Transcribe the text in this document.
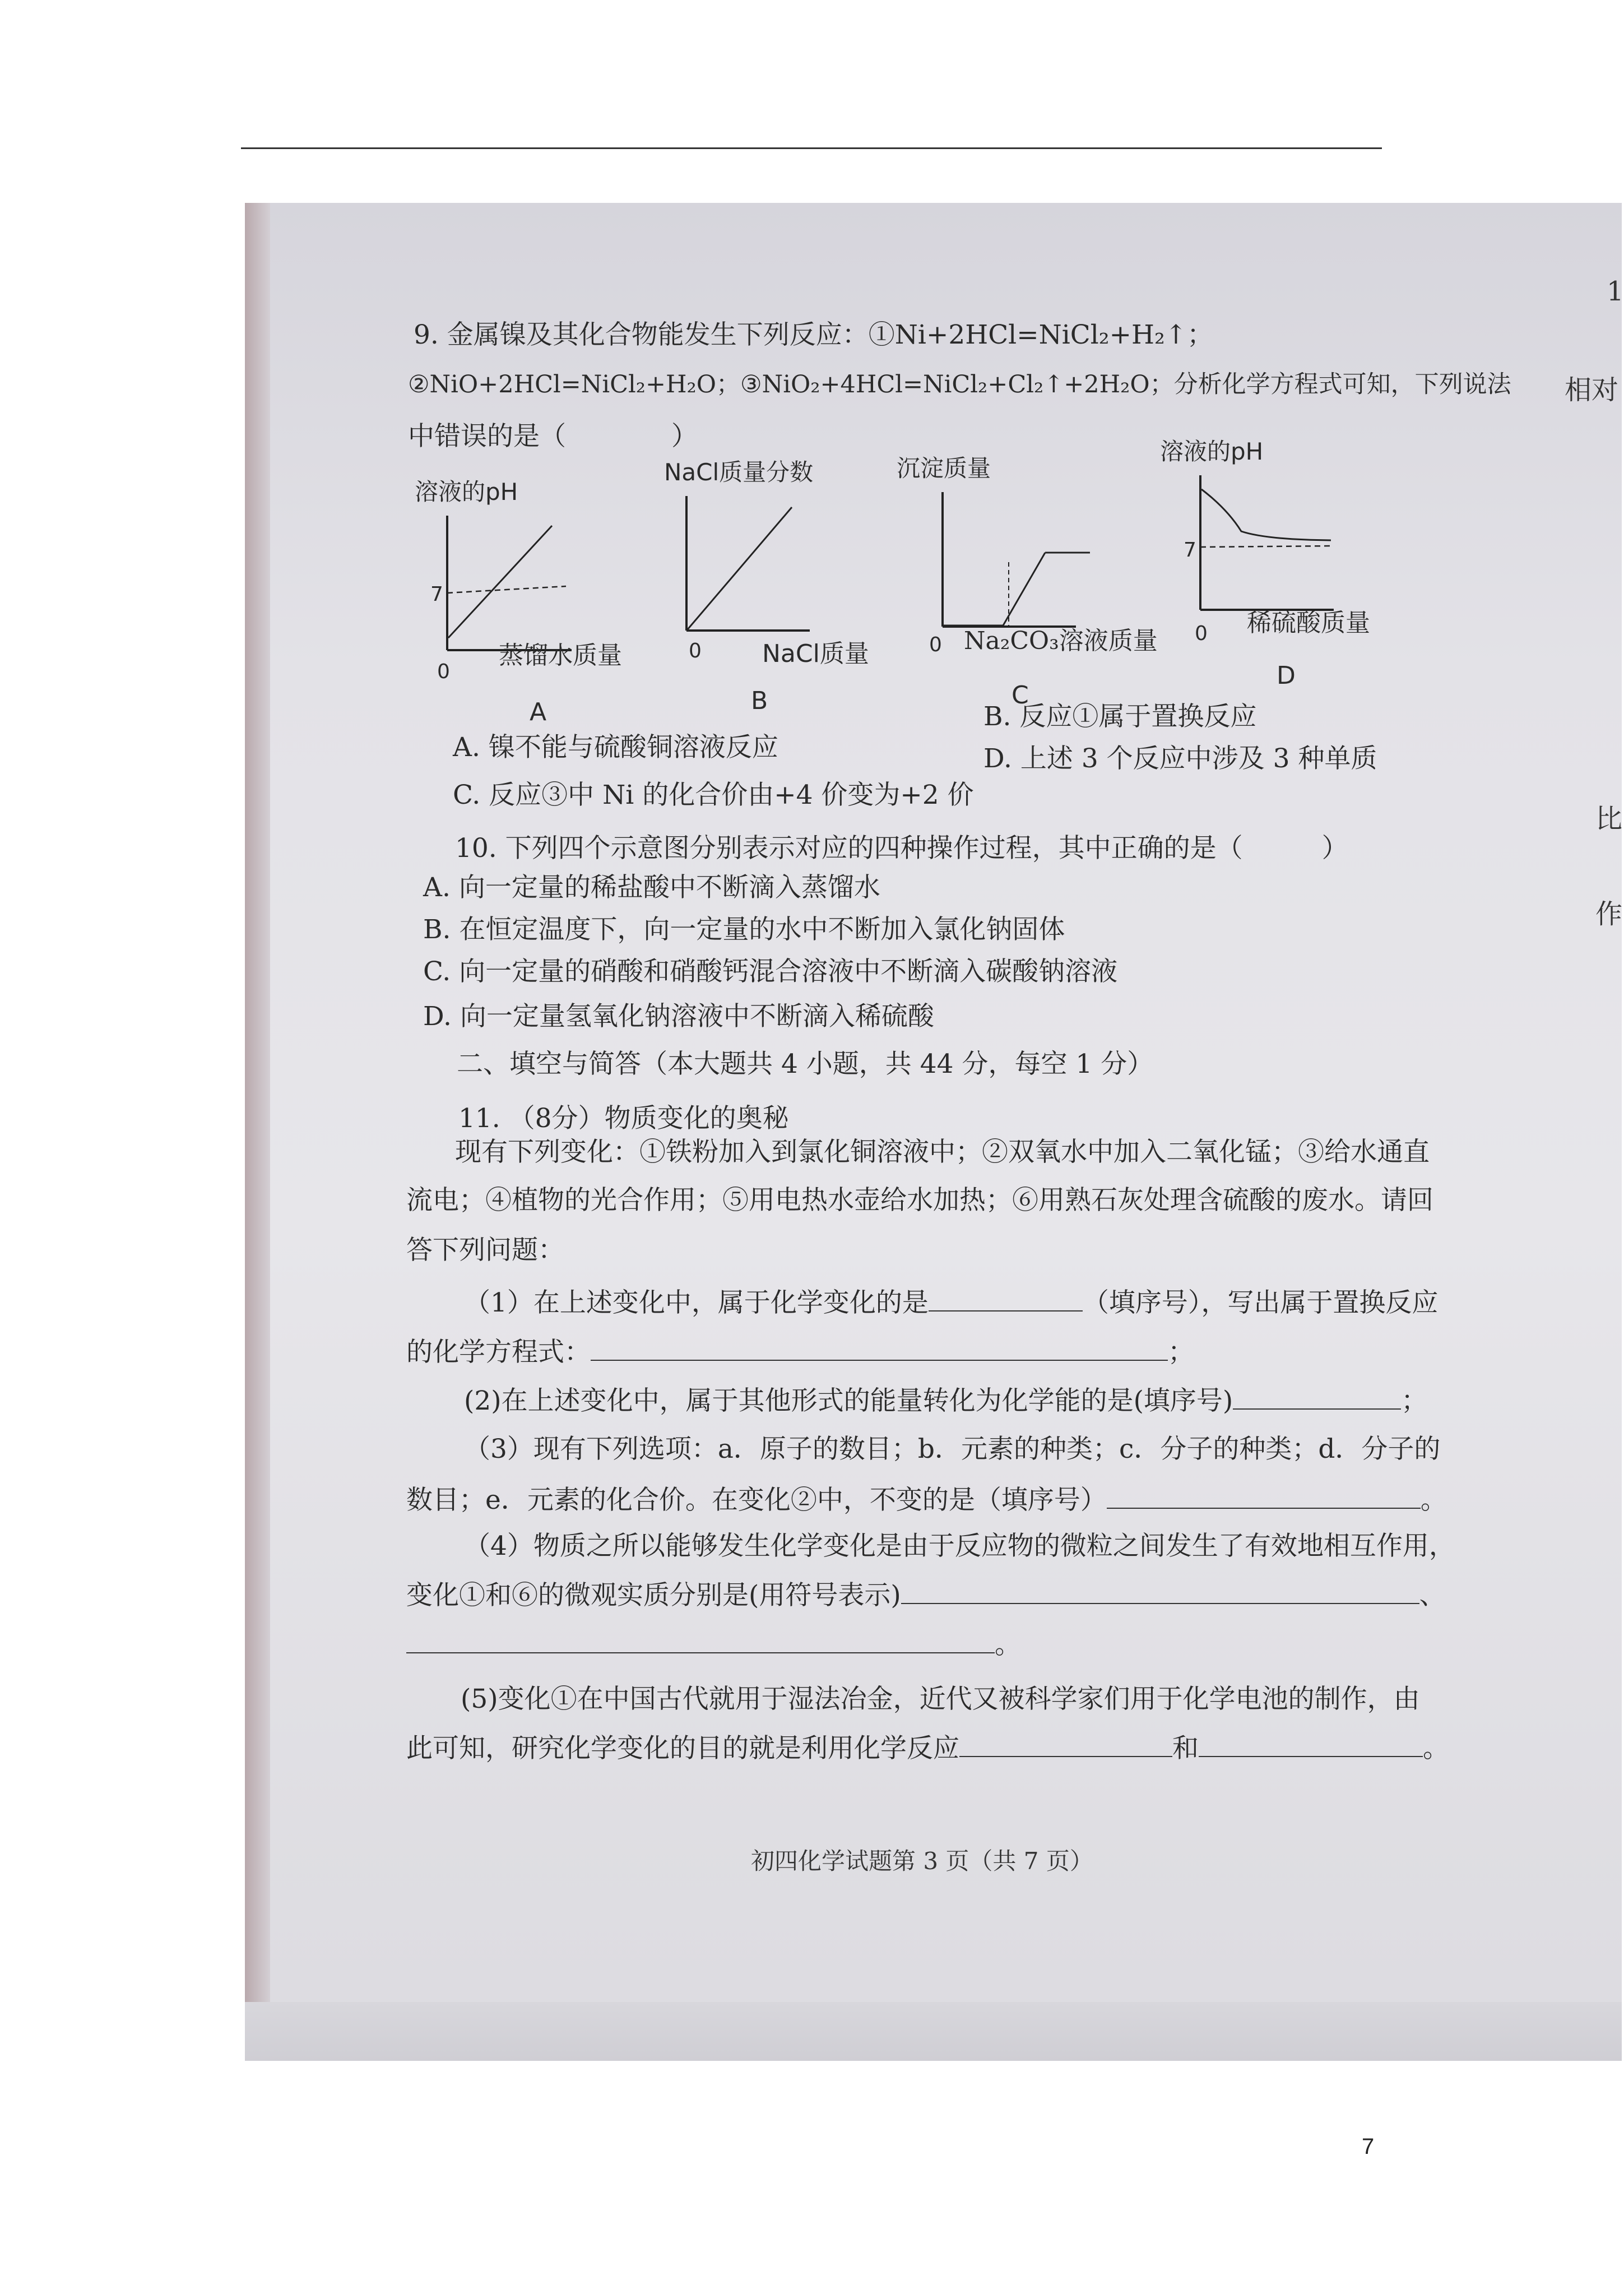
1
相对
比
作
9. 金属镍及其化合物能发生下列反应：①Ni+2HCl=NiCl₂+H₂↑；
②NiO+2HCl=NiCl₂+H₂O；③NiO₂+4HCl=NiCl₂+Cl₂↑+2H₂O；分析化学方程式可知，下列说法
中错误的是（　　　　）
溶液的pH
7
0
蒸馏水质量
A
NaCl质量分数
0 NaCl质量
B
沉淀质量
0 Na₂CO₃溶液质量
C
溶液的pH
7
0 稀硫酸质量
D
A. 镍不能与硫酸铜溶液反应
B. 反应①属于置换反应
C. 反应③中 Ni 的化合价由+4 价变为+2 价
D. 上述 3 个反应中涉及 3 种单质
10. 下列四个示意图分别表示对应的四种操作过程，其中正确的是（　　　）
A. 向一定量的稀盐酸中不断滴入蒸馏水
B. 在恒定温度下，向一定量的水中不断加入氯化钠固体
C. 向一定量的硝酸和硝酸钙混合溶液中不断滴入碳酸钠溶液
D. 向一定量氢氧化钠溶液中不断滴入稀硫酸
二、填空与简答（本大题共 4 小题，共 44 分，每空 1 分）
11. （8分）物质变化的奥秘
现有下列变化：①铁粉加入到氯化铜溶液中；②双氧水中加入二氧化锰；③给水通直
流电；④植物的光合作用；⑤用电热水壶给水加热；⑥用熟石灰处理含硫酸的废水。请回
答下列问题：
（1）在上述变化中，属于化学变化的是	（填序号），写出属于置换反应
的化学方程式：	；
(2)在上述变化中，属于其他形式的能量转化为化学能的是(填序号)	；
（3）现有下列选项：a．原子的数目；b．元素的种类；c．分子的种类；d．分子的
数目；e．元素的化合价。在变化②中，不变的是（填序号）	。
（4）物质之所以能够发生化学变化是由于反应物的微粒之间发生了有效地相互作用，
变化①和⑥的微观实质分别是(用符号表示)	、
。
(5)变化①在中国古代就用于湿法冶金，近代又被科学家们用于化学电池的制作，由
此可知，研究化学变化的目的就是利用化学反应	和	。
初四化学试题第 3 页（共 7 页）
7
